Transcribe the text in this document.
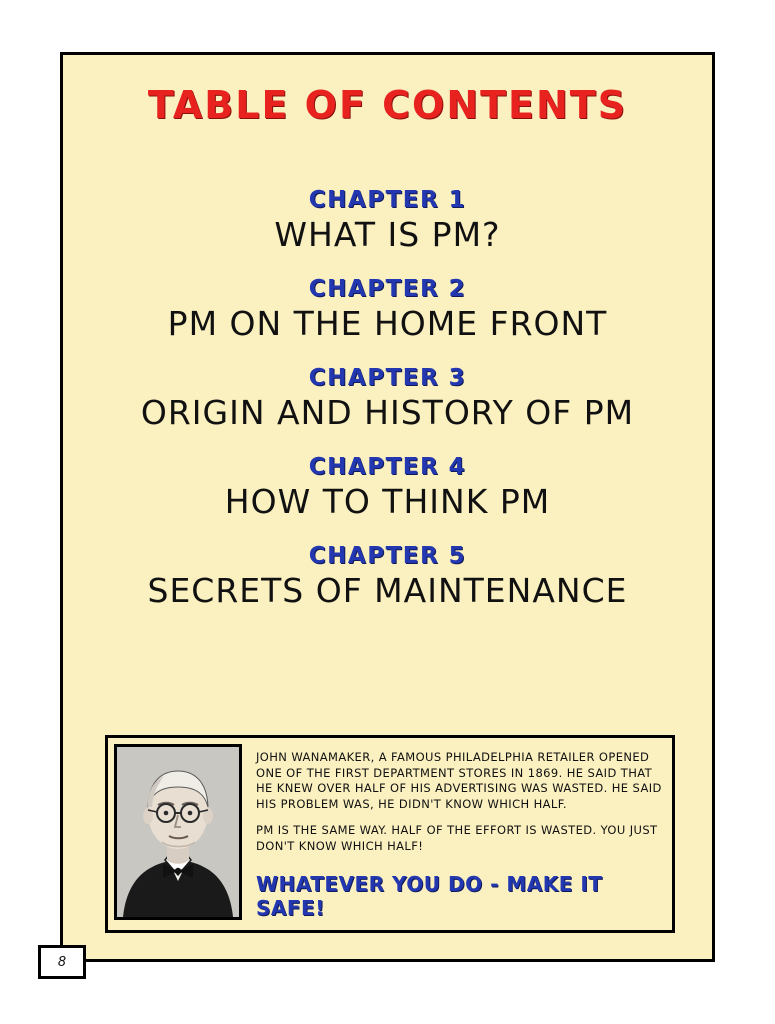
TABLE OF CONTENTS
CHAPTER 1
WHAT IS PM?
CHAPTER 2
PM ON THE HOME FRONT
CHAPTER 3
ORIGIN AND HISTORY OF PM
CHAPTER 4
HOW TO THINK PM
CHAPTER 5
SECRETS OF MAINTENANCE

JOHN WANAMAKER, A FAMOUS PHILADELPHIA RETAILER OPENED ONE OF THE FIRST DEPARTMENT STORES IN 1869. HE SAID THAT HE KNEW OVER HALF OF HIS ADVERTISING WAS WASTED. HE SAID HIS PROBLEM WAS, HE DIDN'T KNOW WHICH HALF.

PM IS THE SAME WAY. HALF OF THE EFFORT IS WASTED. YOU JUST DON'T KNOW WHICH HALF!

WHATEVER YOU DO - MAKE IT SAFE!
8
